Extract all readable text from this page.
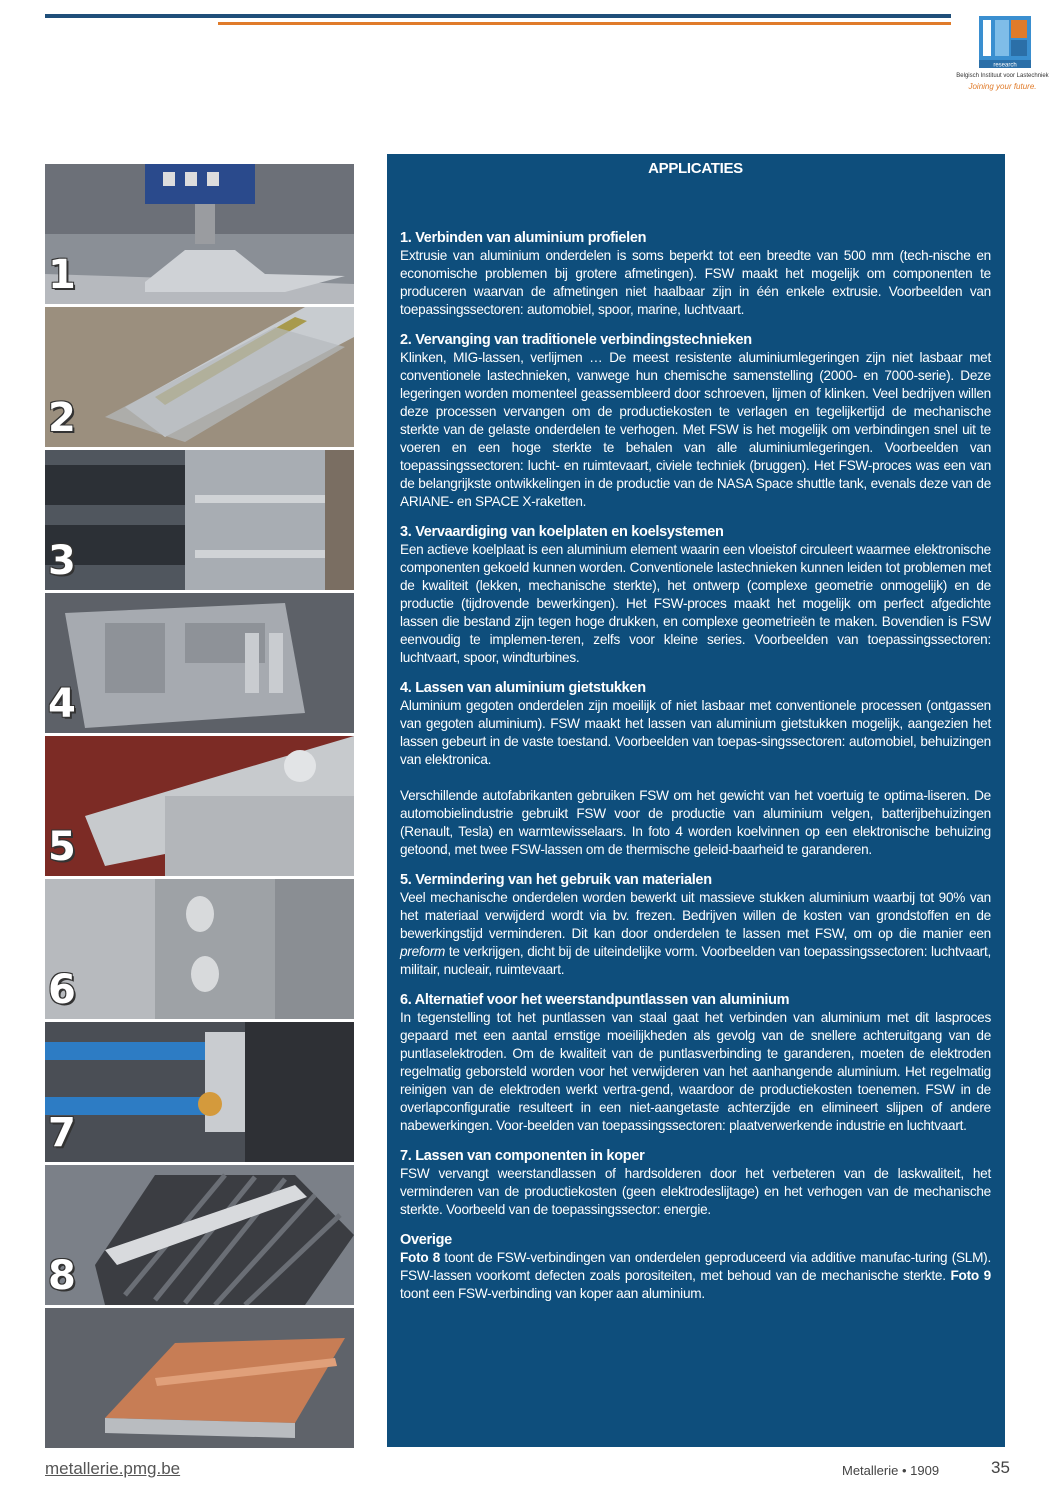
research
Belgisch Instituut voor Lastechniek
Joining your future.
1
2
3
4
5
6
7
8
APPLICATIES
1. Verbinden van aluminium profielen
Extrusie van aluminium onderdelen is soms beperkt tot een breedte van 500 mm (tech-nische en economische problemen bij grotere afmetingen). FSW maakt het mogelijk om componenten te produceren waarvan de afmetingen niet haalbaar zijn in één enkele extrusie. Voorbeelden van toepassingssectoren: automobiel, spoor, marine, luchtvaart.
2. Vervanging van traditionele verbindingstechnieken
Klinken, MIG-lassen, verlijmen … De meest resistente aluminiumlegeringen zijn niet lasbaar met conventionele lastechnieken, vanwege hun chemische samenstelling (2000- en 7000-serie). Deze legeringen worden momenteel geassembleerd door schroeven, lijmen of klinken. Veel bedrijven willen deze processen vervangen om de productiekosten te verlagen en tegelijkertijd de mechanische sterkte van de gelaste onderdelen te verhogen. Met FSW is het mogelijk om verbindingen snel uit te voeren en een hoge sterkte te behalen van alle aluminiumlegeringen. Voorbeelden van toepassingssectoren: lucht- en ruimtevaart, civiele techniek (bruggen). Het FSW-proces was een van de belangrijkste ontwikkelingen in de productie van de NASA Space shuttle tank, evenals deze van de ARIANE- en SPACE X-raketten.
3. Vervaardiging van koelplaten en koelsystemen
Een actieve koelplaat is een aluminium element waarin een vloeistof circuleert waarmee elektronische componenten gekoeld kunnen worden. Conventionele lastechnieken kunnen leiden tot problemen met de kwaliteit (lekken, mechanische sterkte), het ontwerp (complexe geometrie onmogelijk) en de productie (tijdrovende bewerkingen). Het FSW-proces maakt het mogelijk om perfect afgedichte lassen die bestand zijn tegen hoge drukken, en complexe geometrieën te maken. Bovendien is FSW eenvoudig te implemen-teren, zelfs voor kleine series. Voorbeelden van toepassingssectoren: luchtvaart, spoor, windturbines.
4. Lassen van aluminium gietstukken
Aluminium gegoten onderdelen zijn moeilijk of niet lasbaar met conventionele processen (ontgassen van gegoten aluminium). FSW maakt het lassen van aluminium gietstukken mogelijk, aangezien het lassen gebeurt in de vaste toestand. Voorbeelden van toepas-singssectoren: automobiel, behuizingen van elektronica.
Verschillende autofabrikanten gebruiken FSW om het gewicht van het voertuig te optima-liseren. De automobielindustrie gebruikt FSW voor de productie van aluminium velgen, batterijbehuizingen (Renault, Tesla) en warmtewisselaars. In foto 4 worden koelvinnen op een elektronische behuizing getoond, met twee FSW-lassen om de thermische geleid-baarheid te garanderen.
5. Vermindering van het gebruik van materialen
Veel mechanische onderdelen worden bewerkt uit massieve stukken aluminium waarbij tot 90% van het materiaal verwijderd wordt via bv. frezen. Bedrijven willen de kosten van grondstoffen en de bewerkingstijd verminderen. Dit kan door onderdelen te lassen met FSW, om op die manier een preform te verkrijgen, dicht bij de uiteindelijke vorm. Voorbeelden van toepassingssectoren: luchtvaart, militair, nucleair, ruimtevaart.
6. Alternatief voor het weerstandpuntlassen van aluminium
In tegenstelling tot het puntlassen van staal gaat het verbinden van aluminium met dit lasproces gepaard met een aantal ernstige moeilijkheden als gevolg van de snellere achteruitgang van de puntlaselektroden. Om de kwaliteit van de puntlasverbinding te garanderen, moeten de elektroden regelmatig geborsteld worden voor het verwijderen van het aanhangende aluminium. Het regelmatig reinigen van de elektroden werkt vertra-gend, waardoor de productiekosten toenemen. FSW in de overlapconfiguratie resulteert in een niet-aangetaste achterzijde en elimineert slijpen of andere nabewerkingen. Voor-beelden van toepassingssectoren: plaatverwerkende industrie en luchtvaart.
7. Lassen van componenten in koper
FSW vervangt weerstandlassen of hardsolderen door het verbeteren van de laskwaliteit, het verminderen van de productiekosten (geen elektrodeslijtage) en het verhogen van de mechanische sterkte. Voorbeeld van de toepassingssector: energie.
Overige
Foto 8 toont de FSW-verbindingen van onderdelen geproduceerd via additive manufac-turing (SLM). FSW-lassen voorkomt defecten zoals porositeiten, met behoud van de mechanische sterkte. Foto 9 toont een FSW-verbinding van koper aan aluminium.
metallerie.pmg.be	Metallerie • 1909	35
